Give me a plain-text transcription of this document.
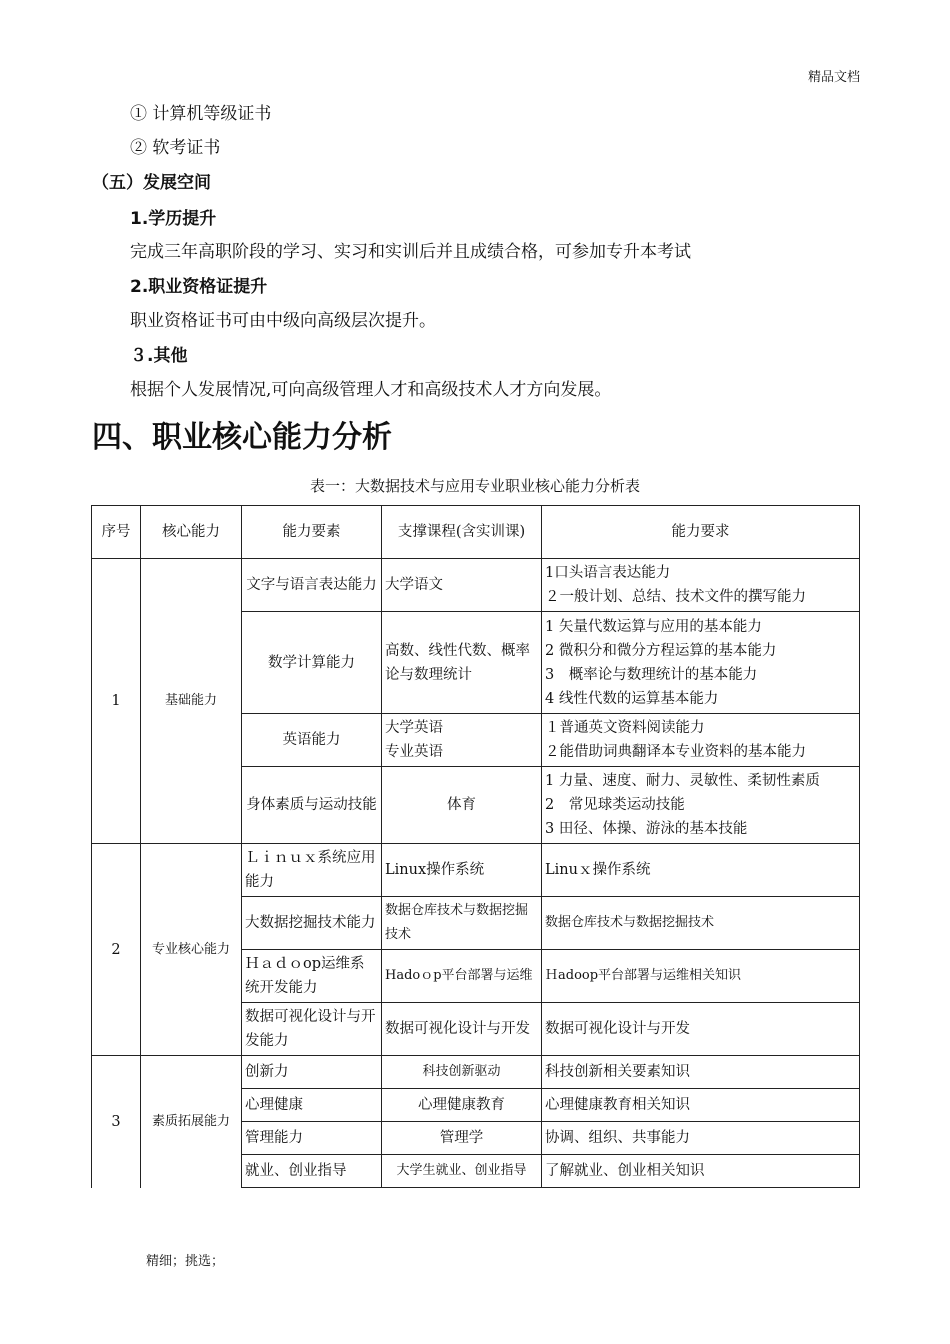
精品文档
① 计算机等级证书
② 软考证书
（五）发展空间
1.学历提升
完成三年高职阶段的学习、实习和实训后并且成绩合格，可参加专升本考试
2.职业资格证提升
职业资格证书可由中级向高级层次提升。
３.其他
根据个人发展情况,可向高级管理人才和高级技术人才方向发展。
四、职业核心能力分析
表一：大数据技术与应用专业职业核心能力分析表
序号	核心能力	能力要素	支撑课程(含实训课)	能力要求
1	基础能力	文字与语言表达能力	大学语文	1口头语言表达能力
２一般计划、总结、技术文件的撰写能力

		数学计算能力	高数、线性代数、概率论与数理统计	1 矢量代数运算与应用的基本能力
2 微积分和微分方程运算的基本能力
3　概率论与数理统计的基本能力
4 线性代数的运算基本能力

		英语能力	大学英语
专业英语	１普通英文资料阅读能力
２能借助词典翻译本专业资料的基本能力

		身体素质与运动技能	体育	1 力量、速度、耐力、灵敏性、柔韧性素质
2　常见球类运动技能
3 田径、体操、游泳的基本技能

2	专业核心能力	Ｌｉｎｕｘ系统应用能力	Linux操作系统	Linuｘ操作系统
		大数据挖掘技术能力	数据仓库技术与数据挖掘技术	数据仓库技术与数据挖掘技术
		Ｈａｄｏop运维系统开发能力	Hadoｏp平台部署与运维	Ｈadoop平台部署与运维相关知识
		数据可视化设计与开发能力	数据可视化设计与开发	数据可视化设计与开发
3	素质拓展能力	创新力	科技创新驱动	科技创新相关要素知识
		心理健康	心理健康教育	心理健康教育相关知识
		管理能力	管理学	协调、组织、共事能力
		就业、创业指导	大学生就业、创业指导	了解就业、创业相关知识
精细；挑选；
